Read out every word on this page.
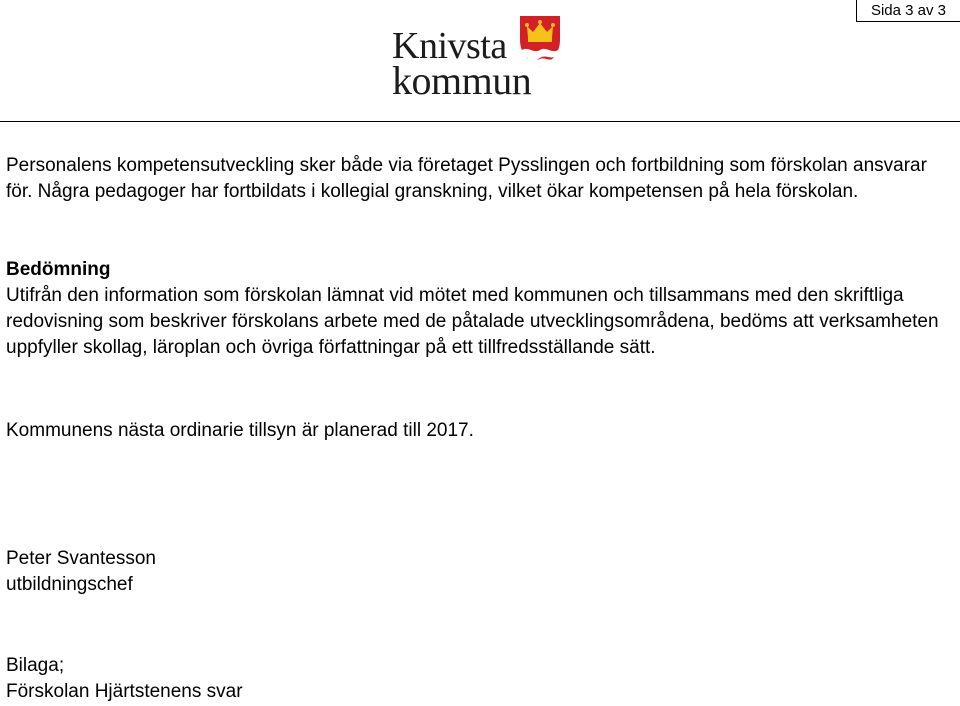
Sida 3 av 3
Knivsta
kommun

Personalens kompetensutveckling sker både via företaget Pysslingen och fortbildning som förskolan ansvarar för. Några pedagoger har fortbildats i kollegial granskning, vilket ökar kompetensen på hela förskolan.

Bedömning

Utifrån den information som förskolan lämnat vid mötet med kommunen och tillsammans med den skriftliga redovisning som beskriver förskolans arbete med de påtalade utvecklingsområdena, bedöms att verksamheten uppfyller skollag, läroplan och övriga författningar på ett tillfredsställande sätt.

Kommunens nästa ordinarie tillsyn är planerad till 2017.

Peter Svantesson

utbildningschef

Bilaga;

Förskolan Hjärtstenens svar
